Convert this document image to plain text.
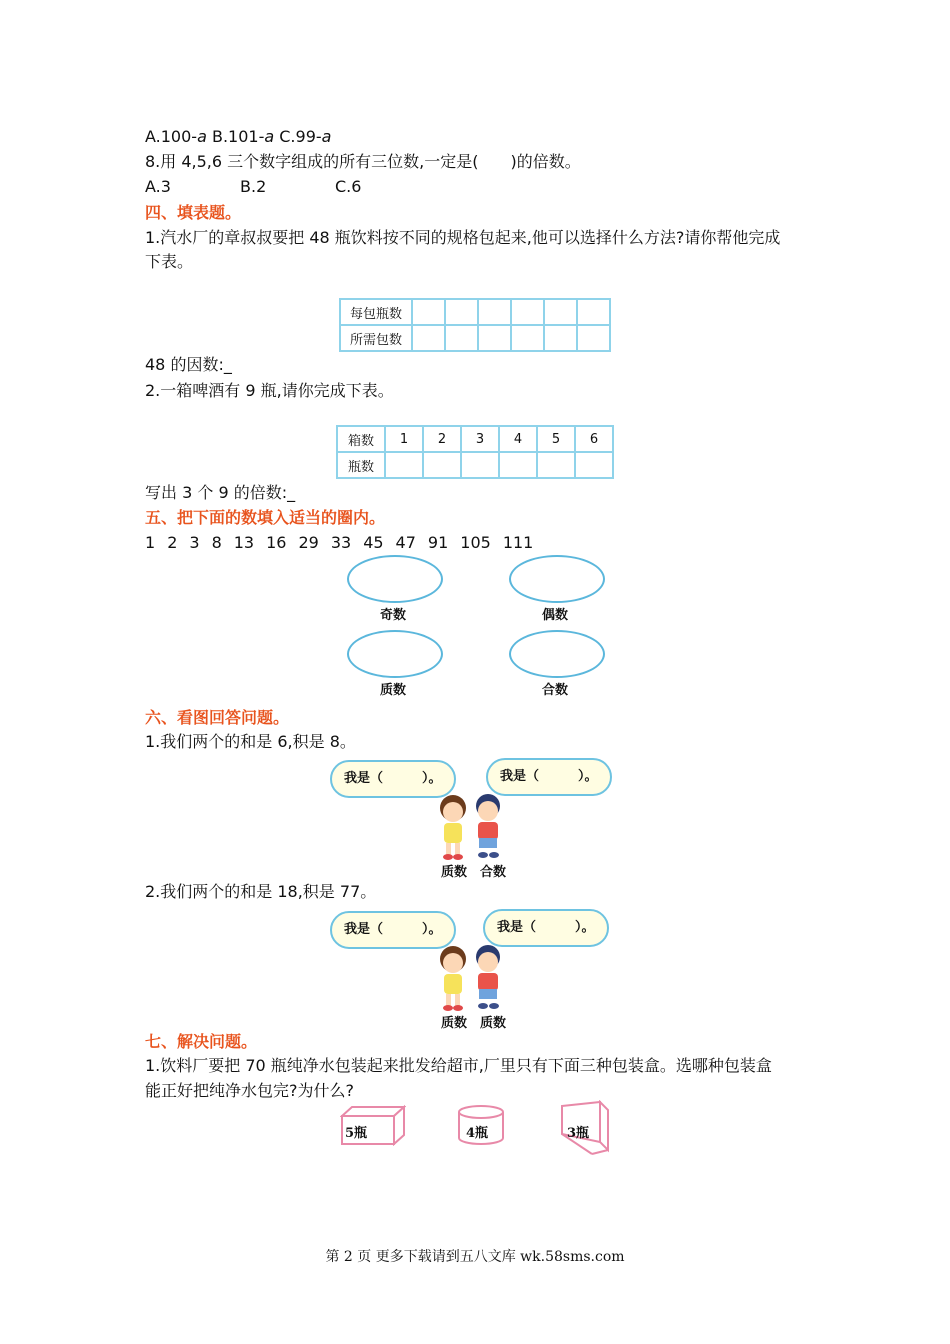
A.100-a B.101-a C.99-a
8.用 4,5,6 三个数字组成的所有三位数,一定是(　　)的倍数。
A.3	B.2	C.6
四、填表题。
1.汽水厂的章叔叔要把 48 瓶饮料按不同的规格包起来,他可以选择什么方法?请你帮他完成
下表。
每包瓶数						
所需包数						
48 的因数:_
2.一箱啤酒有 9 瓶,请你完成下表。
箱数	1	2	3	4	5	6
瓶数						
写出 3 个 9 的倍数:_
五、把下面的数填入适当的圈内。
1 2 3 8 13 16 29 33 45 47 91 105 111
奇数	偶数
质数	合数
六、看图回答问题。
1.我们两个的和是 6,积是 8。
我是（　　　）。	我是（　　　）。
质数 合数
2.我们两个的和是 18,积是 77。
我是（　　　）。	我是（　　　）。
质数 质数
七、解决问题。
1.饮料厂要把 70 瓶纯净水包装起来批发给超市,厂里只有下面三种包装盒。选哪种包装盒
能正好把纯净水包完?为什么?
5瓶	4瓶	3瓶
第 2 页 更多下载请到五八文库 wk.58sms.com
